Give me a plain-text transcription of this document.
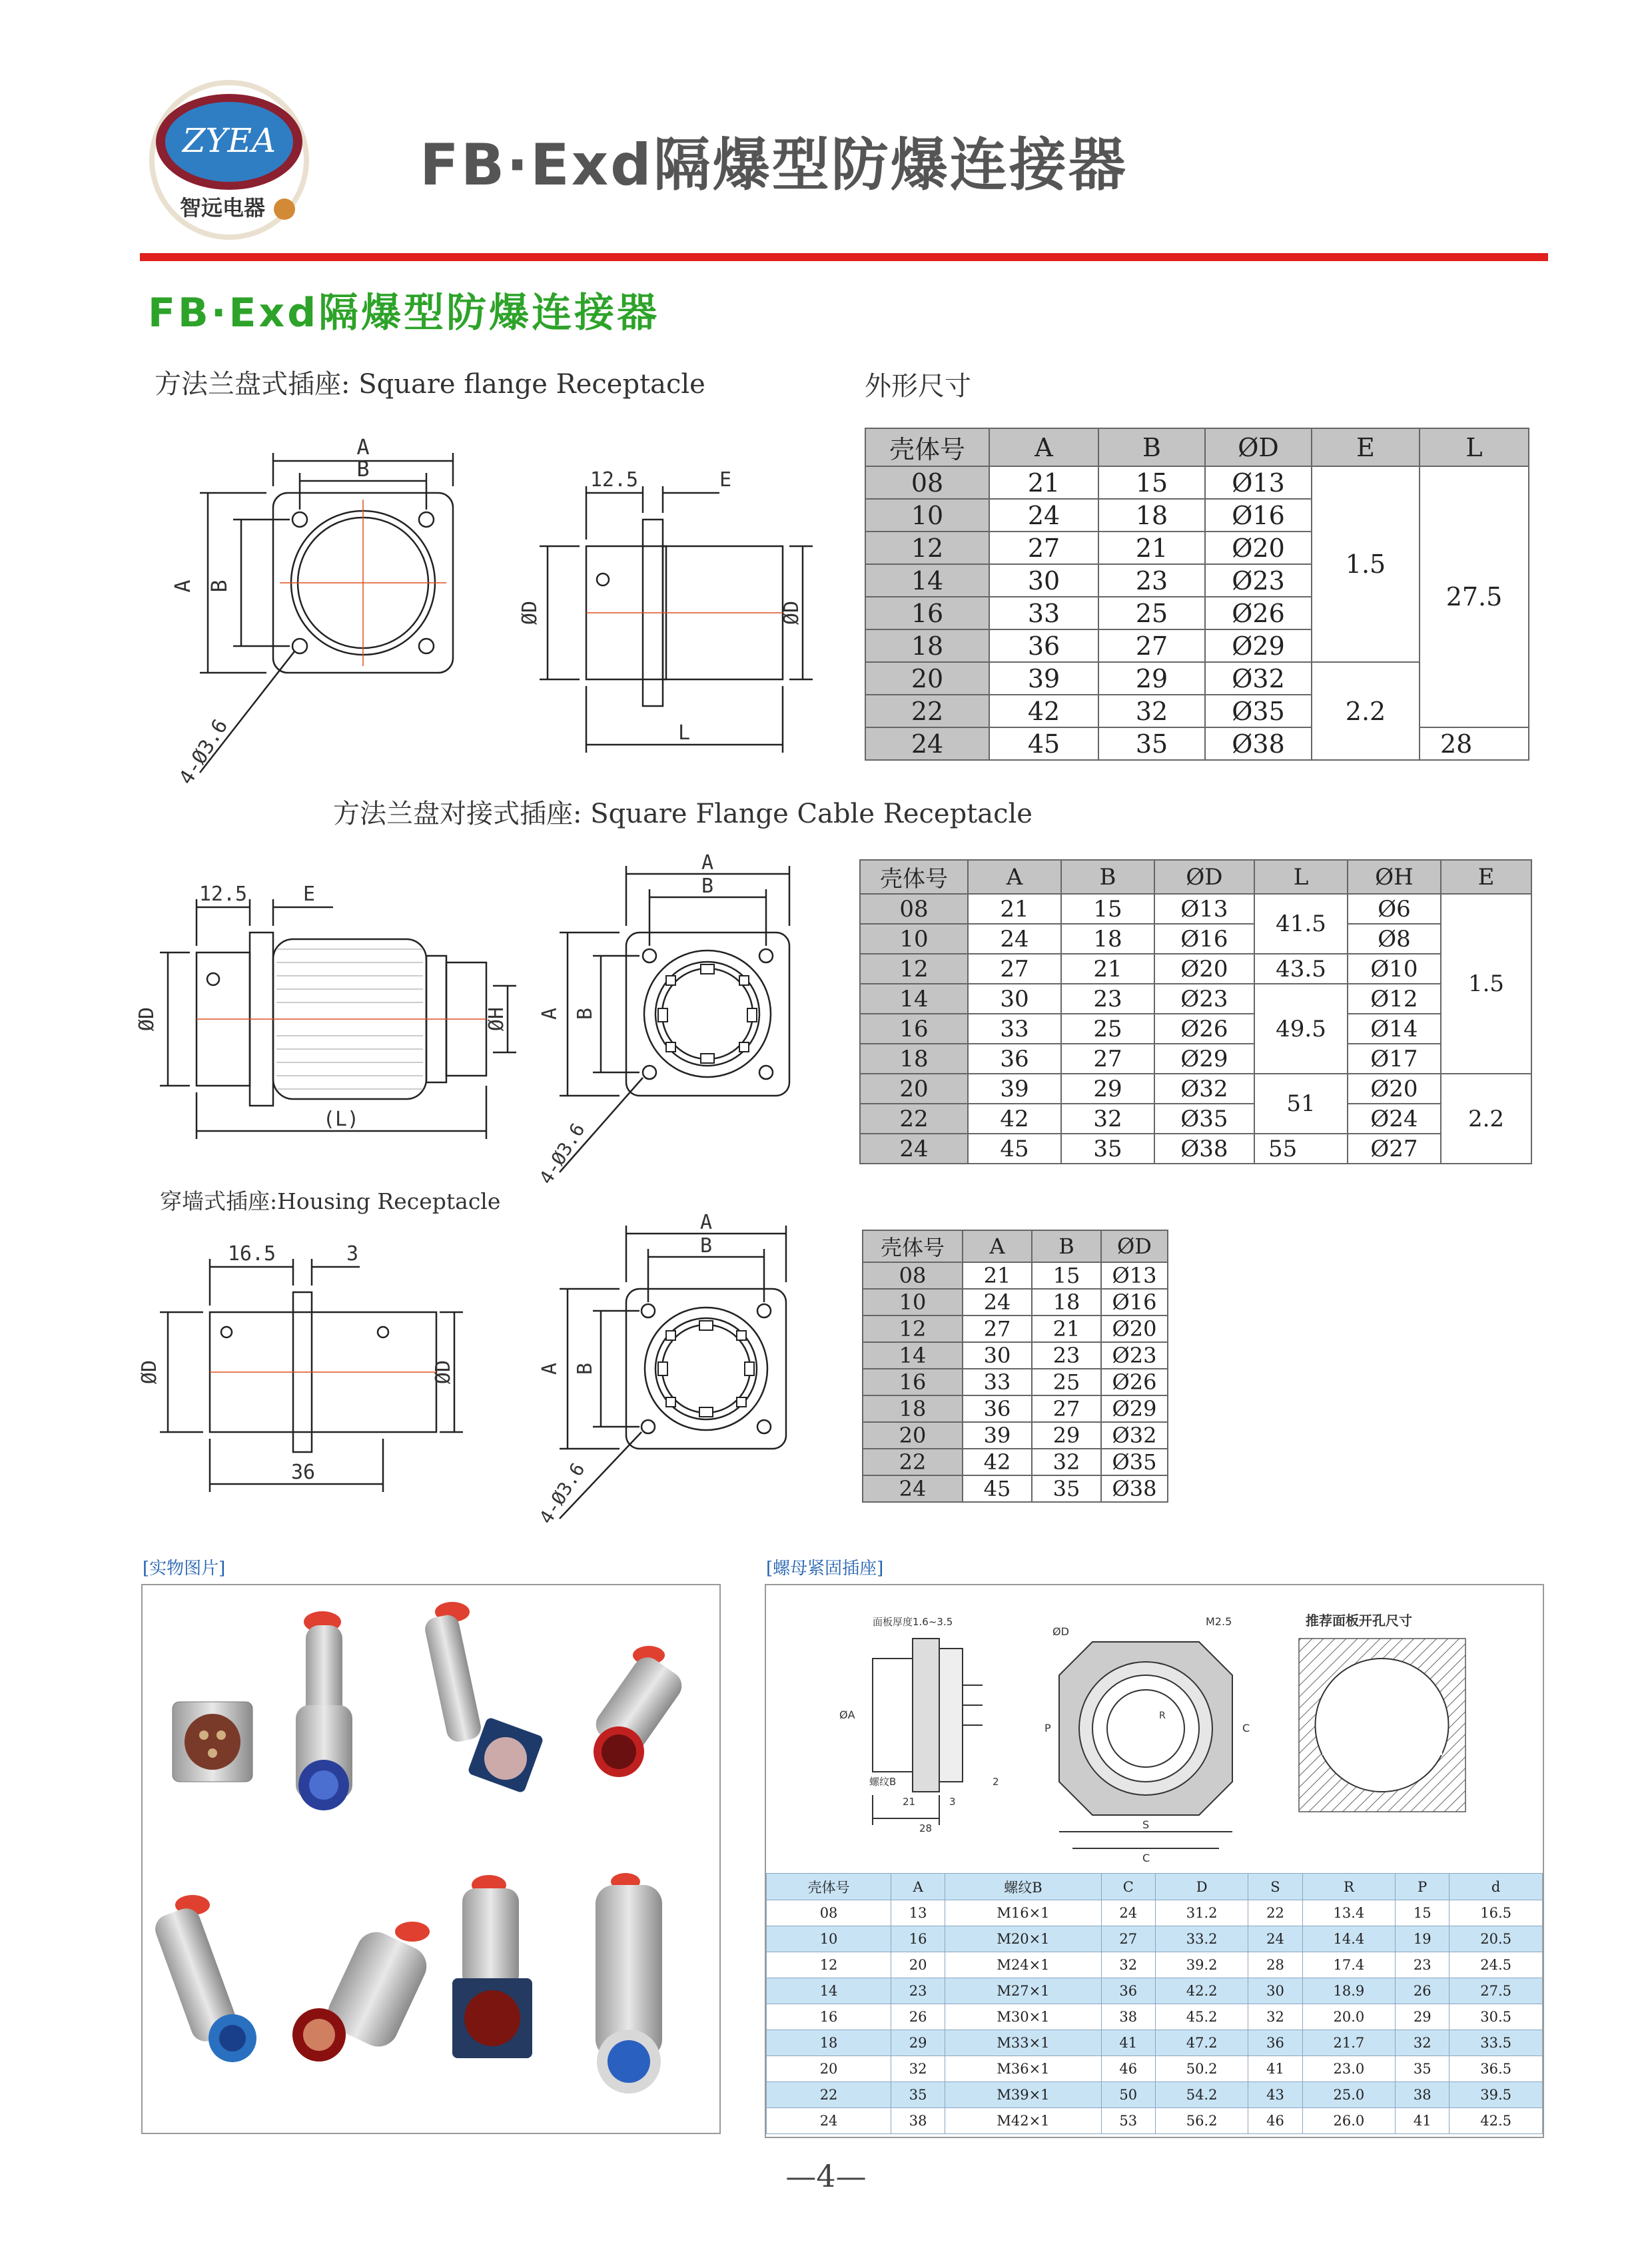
ZYEA
智远电器
FB·Exd隔爆型防爆连接器
FB·Exd隔爆型防爆连接器
方法兰盘式插座: Square flange Receptacle	外形尺寸
A
B
A B
4-Ø3.6
12.5	E
ØD	ØD
L
壳体号	A	B	ØD	E	L
08	21	15	Ø13	1.5	27.5
10	24	18	Ø16		
12	27	21	Ø20		
14	30	23	Ø23		
16	33	25	Ø26		
18	36	27	Ø29		
20	39	29	Ø32	2.2	
22	42	32	Ø35		
24	45	35	Ø38		28
方法兰盘对接式插座: Square Flange Cable Receptacle
12.5	E
ØD	ØH
(L)
A
B
A B
4-Ø3.6
壳体号	A	B	ØD	L	ØH	E
08	21	15	Ø13	41.5	Ø6	1.5
10	24	18	Ø16		Ø8	
12	27	21	Ø20	43.5	Ø10	
14	30	23	Ø23	49.5	Ø12	
16	33	25	Ø26		Ø14	
18	36	27	Ø29		Ø17	
20	39	29	Ø32	51	Ø20	2.2
22	42	32	Ø35		Ø24	
24	45	35	Ø38	55	Ø27	
穿墙式插座:Housing Receptacle
16.5	3
ØD	ØD
36
A
B
A B
4-Ø3.6
壳体号	A	B	ØD
08	21	15	Ø13
10	24	18	Ø16
12	27	21	Ø20
14	30	23	Ø23
16	33	25	Ø26
18	36	27	Ø29
20	39	29	Ø32
22	42	32	Ø35
24	45	35	Ø38
[实物图片]	[螺母紧固插座]
面板厚度1.6~3.5
螺纹B
ØA
21	3
28
2
ØD
M2.5
P	C
S
C
R
推荐面板开孔尺寸
壳体号	A	螺纹B	C	D	S	R	P	d
08	13	M16×1	24	31.2	22	13.4	15	16.5
10	16	M20×1	27	33.2	24	14.4	19	20.5
12	20	M24×1	32	39.2	28	17.4	23	24.5
14	23	M27×1	36	42.2	30	18.9	26	27.5
16	26	M30×1	38	45.2	32	20.0	29	30.5
18	29	M33×1	41	47.2	36	21.7	32	33.5
20	32	M36×1	46	50.2	41	23.0	35	36.5
22	35	M39×1	50	54.2	43	25.0	38	39.5
24	38	M42×1	53	56.2	46	26.0	41	42.5
—4—
